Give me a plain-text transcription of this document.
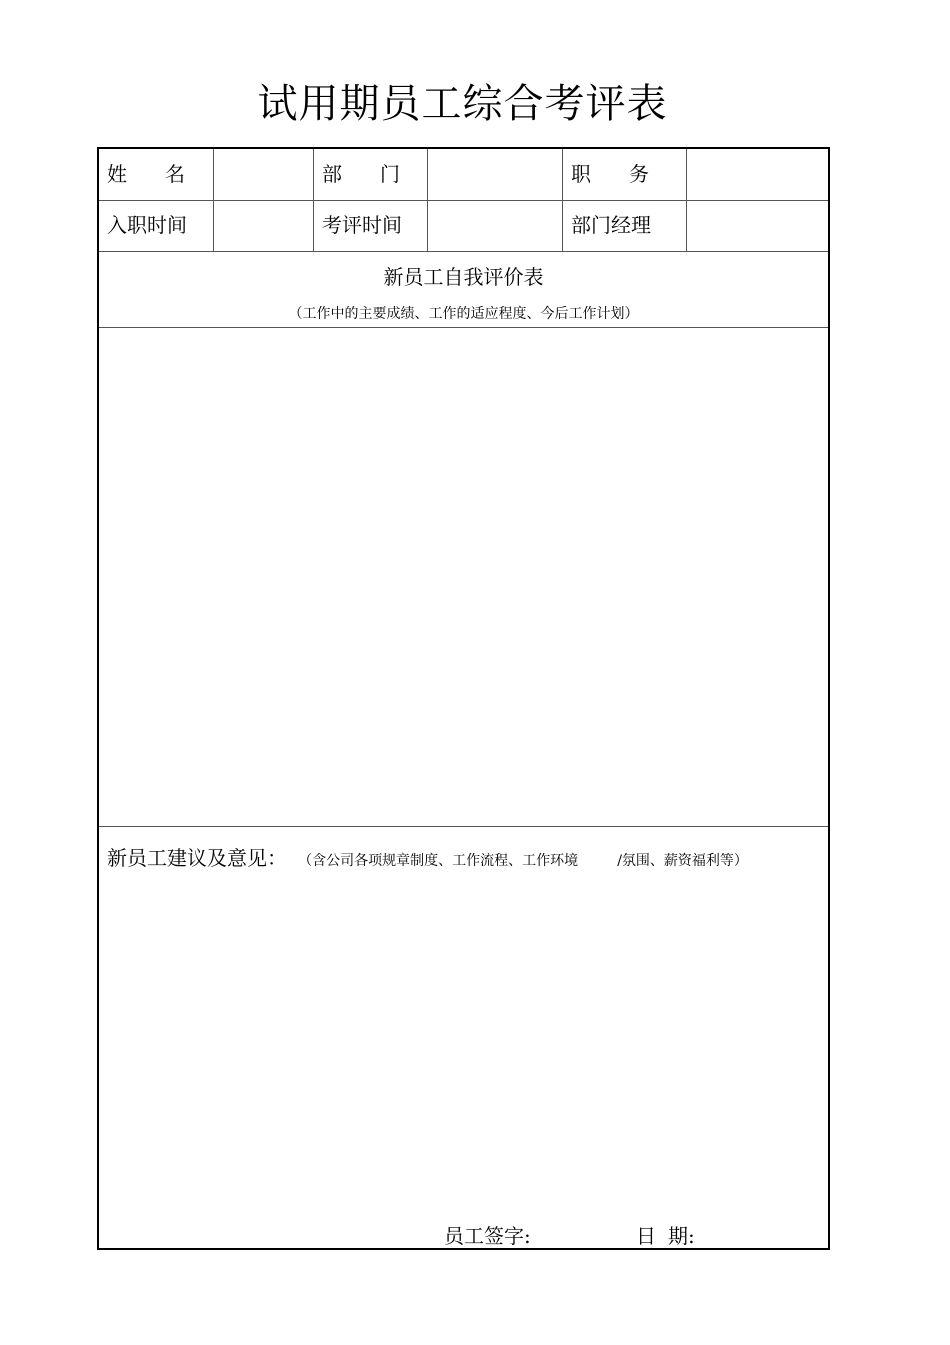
试用期员工综合考评表
姓 名	部 门	职 务
入职时间	考评时间	部门经理
新员工自我评价表
（工作中的主要成绩、工作的适应程度、今后工作计划）
新员工建议及意见： （含公司各项规章制度、工作流程、工作环境	/氛围、薪资福利等）
员工签字:	日 期:
